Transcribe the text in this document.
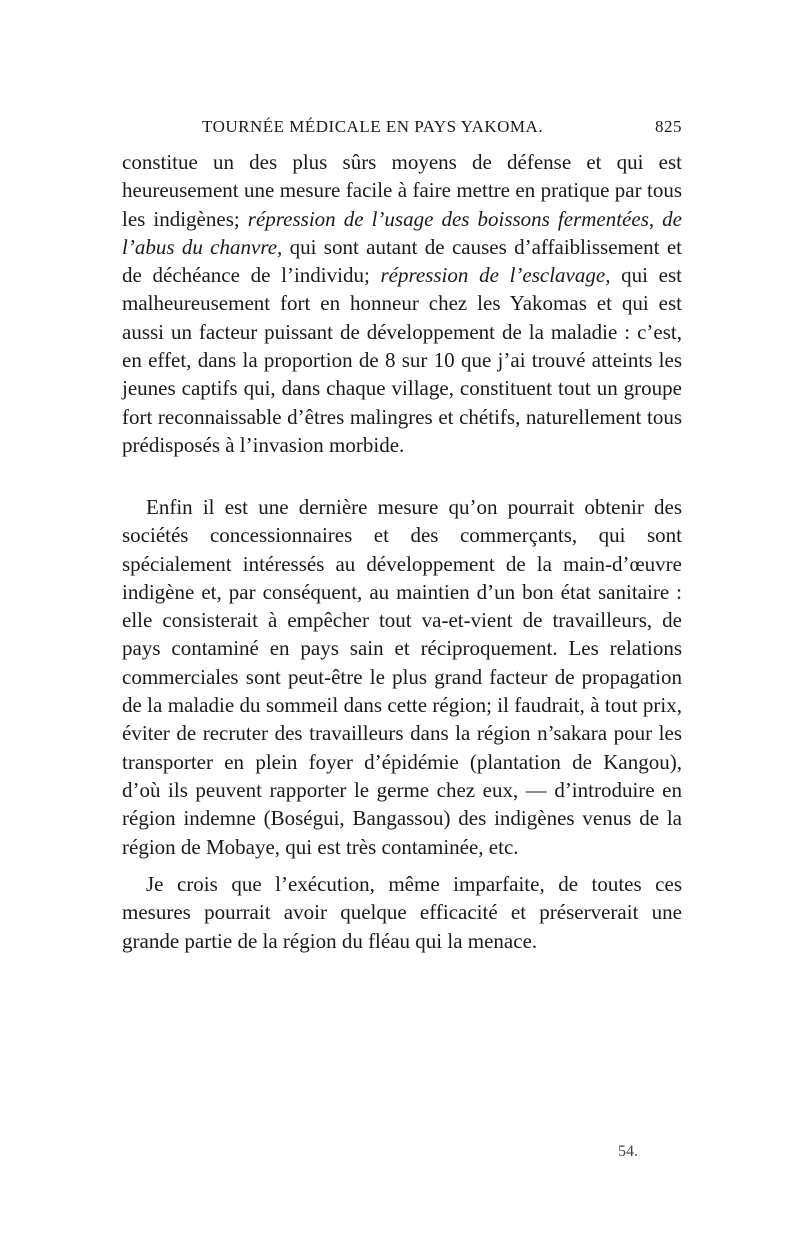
TOURNÉE MÉDICALE EN PAYS YAKOMA.	825

constitue un des plus sûrs moyens de défense et qui est heureusement une mesure facile à faire mettre en pratique par tous les indigènes; répression de l’usage des boissons fermentées, de l’abus du chanvre, qui sont autant de causes d’affaiblissement et de déchéance de l’individu; répression de l’esclavage, qui est malheureusement fort en honneur chez les Yakomas et qui est aussi un facteur puissant de développement de la maladie : c’est, en effet, dans la proportion de 8 sur 10 que j’ai trouvé atteints les jeunes captifs qui, dans chaque village, constituent tout un groupe fort reconnaissable d’êtres malingres et chétifs, naturellement tous prédisposés à l’invasion morbide.

Enfin il est une dernière mesure qu’on pourrait obtenir des sociétés concessionnaires et des commerçants, qui sont spécialement intéressés au développement de la main-d’œuvre indigène et, par conséquent, au maintien d’un bon état sanitaire : elle consisterait à empêcher tout va-et-vient de travailleurs, de pays contaminé en pays sain et réciproquement. Les relations commerciales sont peut-être le plus grand facteur de propagation de la maladie du sommeil dans cette région; il faudrait, à tout prix, éviter de recruter des travailleurs dans la région n’sakara pour les transporter en plein foyer d’épidémie (plantation de Kangou), d’où ils peuvent rapporter le germe chez eux, — d’introduire en région indemne (Boségui, Bangassou) des indigènes venus de la région de Mobaye, qui est très contaminée, etc.

Je crois que l’exécution, même imparfaite, de toutes ces mesures pourrait avoir quelque efficacité et préserverait une grande partie de la région du fléau qui la menace.

54.
